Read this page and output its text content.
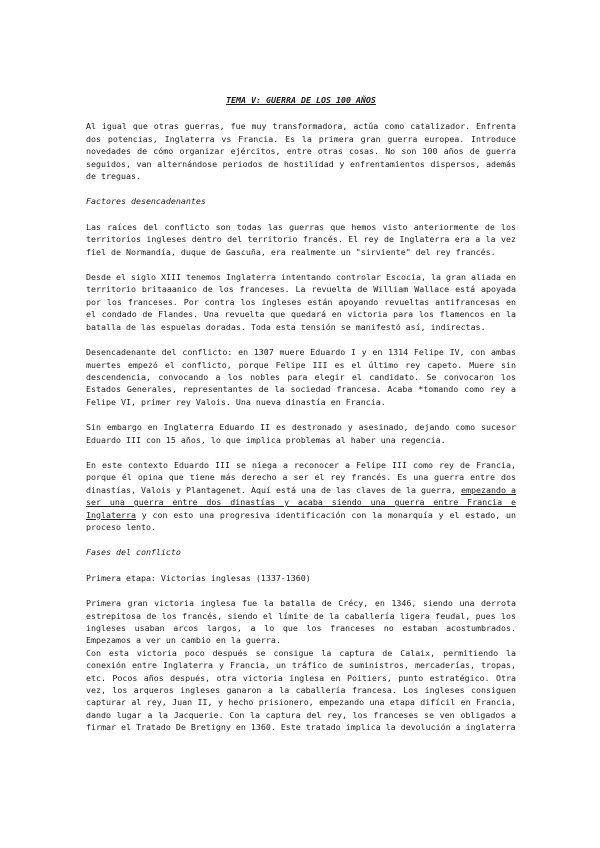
TEMA V: GUERRA DE LOS 100 AÑOS

Al igual que otras guerras, fue muy transformadora, actúa como catalizador. Enfrenta dos potencias, Inglaterra vs Francia. Es la primera gran guerra europea. Introduce novedades de cómo organizar ejércitos, entre otras cosas. No son 100 años de guerra seguidos, van alternándose periodos de hostilidad y enfrentamientos dispersos, además de treguas.

Factores desencadenantes

Las raíces del conflicto son todas las guerras que hemos visto anteriormente de los territorios ingleses dentro del territorio francés. El rey de Inglaterra era a la vez fiel de Normandía, duque de Gascuña, era realmente un "sirviente" del rey francés.

Desde el siglo XIII tenemos Inglaterra intentando controlar Escocia, la gran aliada en territorio britaaanico de los franceses. La revuelta de William Wallace está apoyada por los franceses. Por contra los ingleses están apoyando revueltas antifrancesas en el condado de Flandes. Una revuelta que quedará en victoria para los flamencos en la batalla de las espuelas doradas. Toda esta tensión se manifestó así, indirectas.

Desencadenante del conflicto: en 1307 muere Eduardo I y en 1314 Felipe IV, con ambas muertes empezó el conflicto, porque Felipe III es el último rey capeto. Muere sin descendencia, convocando a los nobles para elegir el candidato. Se convocaron los Estados Generales, representantes de la sociedad francesa. Acaba *tomando como rey a Felipe VI, primer rey Valois. Una nueva dinastía en Francia.

Sin embargo en Inglaterra Eduardo II es destronado y asesinado, dejando como sucesor Eduardo III con 15 años, lo que implica problemas al haber una regencia.

En este contexto Eduardo III se niega a reconocer a Felipe III como rey de Francia, porque él opina que tiene más derecho a ser el rey francés. Es una guerra entre dos dinastías, Valois y Plantagenet. Aquí está una de las claves de la guerra, empezando a ser una guerra entre dos dinastías y acaba siendo una guerra entre Francia e Inglaterra y con esto una progresiva identificación con la monarquía y el estado, un proceso lento.

Fases del conflicto
Primera etapa: Victorias inglesas (1337-1360)

Primera gran victoria inglesa fue la batalla de Crécy, en 1346, siendo una derrota estrepitosa de los francés, siendo el límite de la caballería ligera feudal, pues los ingleses usaban arcos largos, a lo que los franceses no estaban acostumbrados. Empezamos a ver un cambio en la guerra.

Con esta victoria poco después se consigue la captura de Calaix, permitiendo la conexión entre Inglaterra y Francia, un tráfico de suministros, mercaderías, tropas, etc. Pocos años después, otra victoria inglesa en Poitiers, punto estratégico. Otra vez, los arqueros ingleses ganaron a la caballería francesa. Los ingleses consiguen capturar al rey, Juan II, y hecho prisionero, empezando una etapa difícil en Francia, dando lugar a la Jacquerie. Con la captura del rey, los franceses se ven obligados a firmar el Tratado De Bretigny en 1360. Este tratado implica la devolución a inglaterra
